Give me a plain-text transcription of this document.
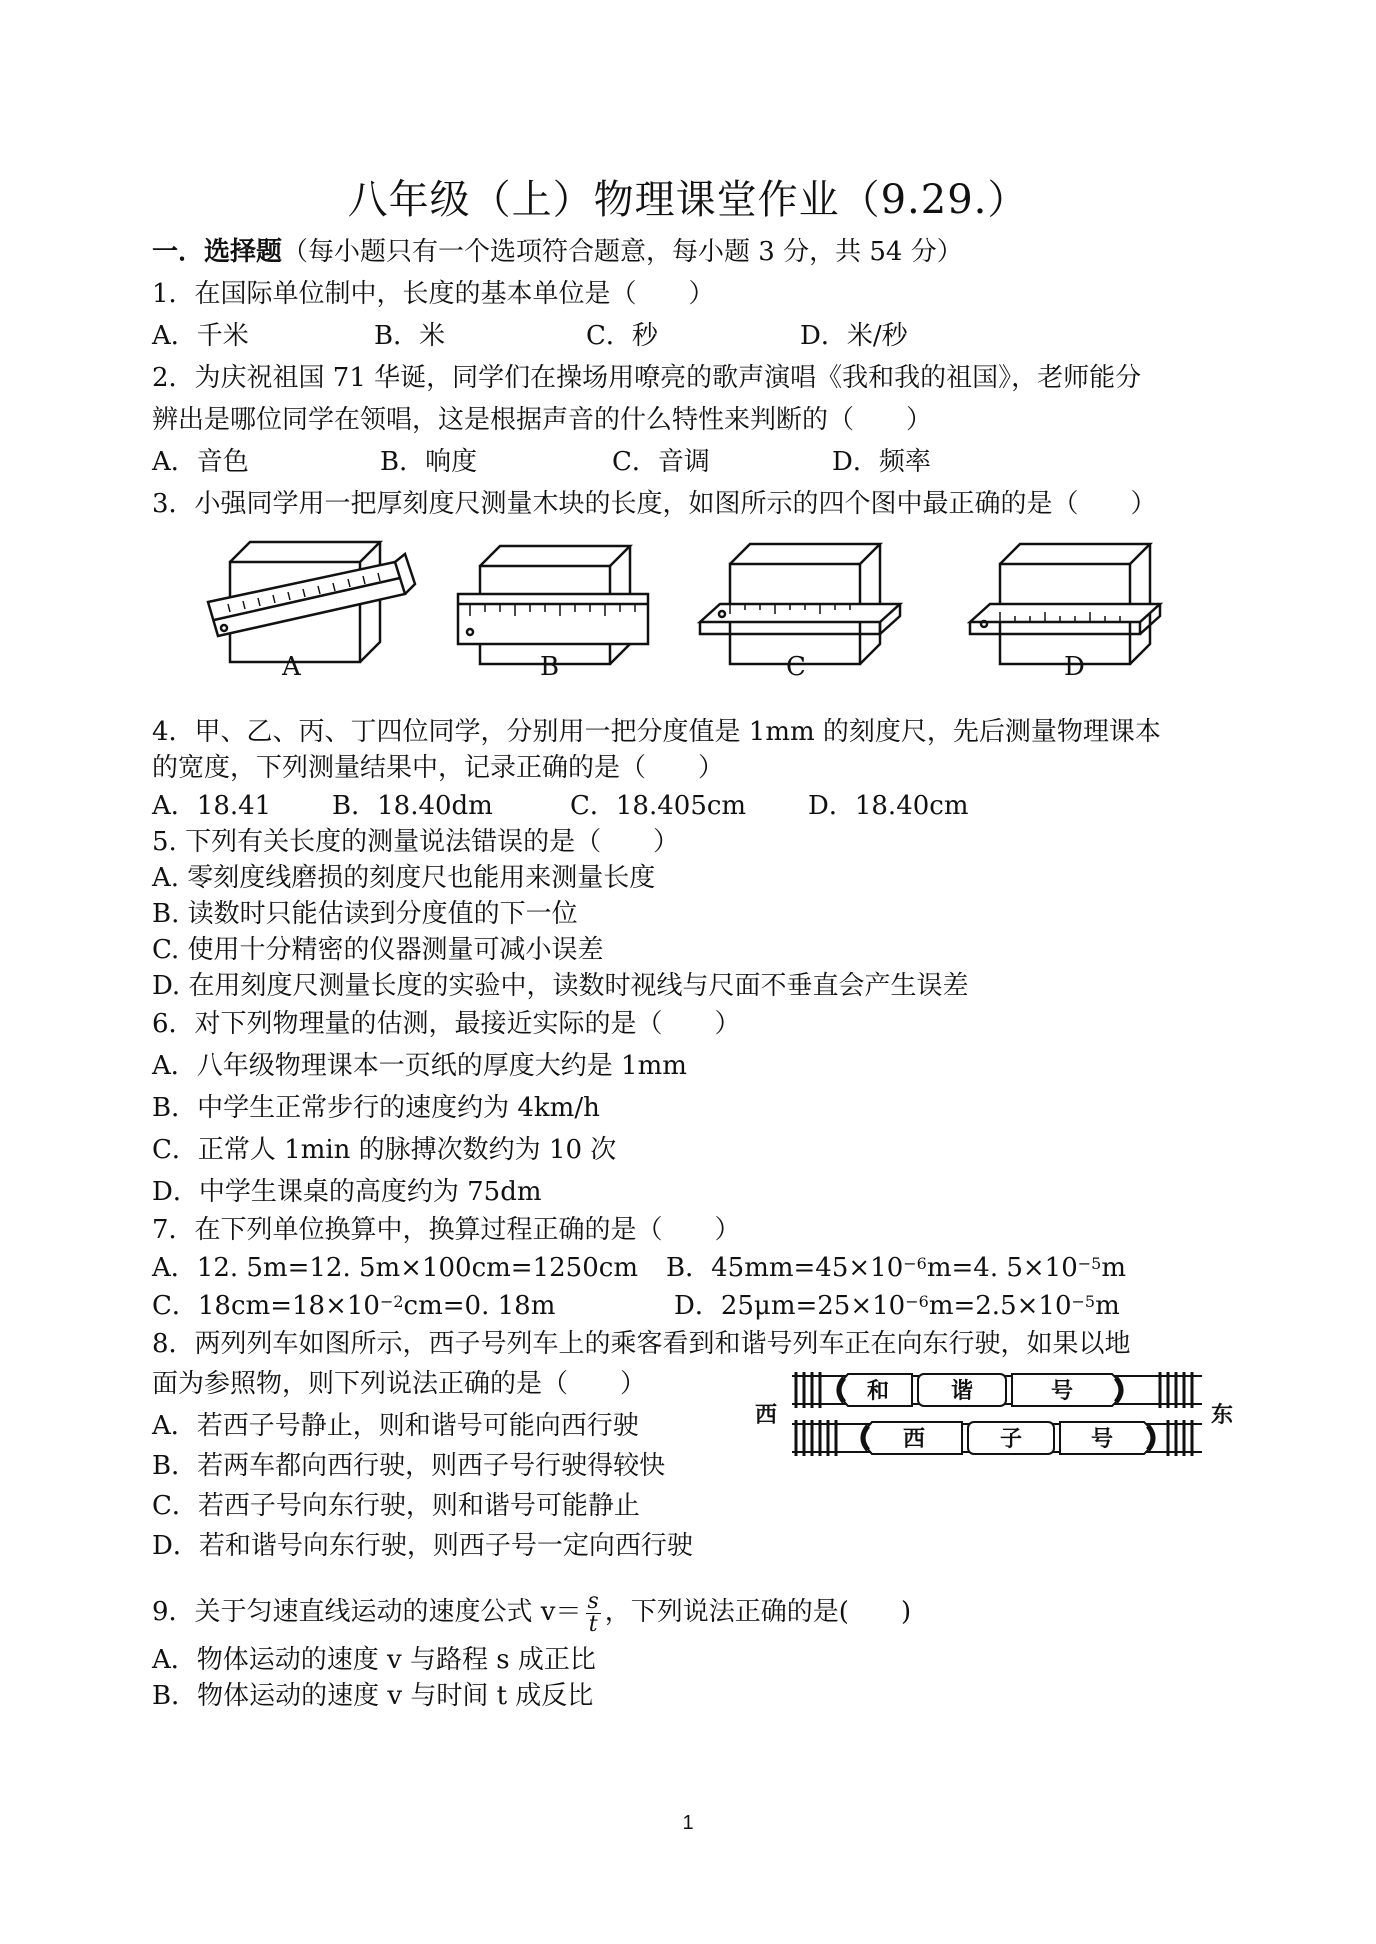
八年级（上）物理课堂作业（9.29.）
一．选择题（每小题只有一个选项符合题意，每小题 3 分，共 54 分）
1．在国际单位制中，长度的基本单位是（　　）
A．千米	B．米	C．秒	D．米/秒
2．为庆祝祖国 71 华诞，同学们在操场用嘹亮的歌声演唱《我和我的祖国》，老师能分
辨出是哪位同学在领唱，这是根据声音的什么特性来判断的（　　）
A．音色	B．响度	C．音调	D．频率
3．小强同学用一把厚刻度尺测量木块的长度，如图所示的四个图中最正确的是（　　）
A	B	C	D
4．甲、乙、丙、丁四位同学，分别用一把分度值是 1mm 的刻度尺，先后测量物理课本
的宽度，下列测量结果中，记录正确的是（　　）
A．18.41 B．18.40dm	C．18.405cm D．18.40cm
5. 下列有关长度的测量说法错误的是（　　）
A. 零刻度线磨损的刻度尺也能用来测量长度
B. 读数时只能估读到分度值的下一位
C. 使用十分精密的仪器测量可减小误差
D. 在用刻度尺测量长度的实验中，读数时视线与尺面不垂直会产生误差
6．对下列物理量的估测，最接近实际的是（　　）
A．八年级物理课本一页纸的厚度大约是 1mm
B．中学生正常步行的速度约为 4km/h
C．正常人 1min 的脉搏次数约为 10 次
D．中学生课桌的高度约为 75dm
7．在下列单位换算中，换算过程正确的是（　　）
A．12. 5m=12. 5m×100cm=1250cm B．$45mm=45\times 10^{-6}m=4$. $5\times 10^{-5}m$
C．$18cm=18\times 10^{-2}cm=0$. 18m	D．$25\mu m=25\times 10^{-6}m=2.5\times 10^{-5}m$
8．两列列车如图所示，西子号列车上的乘客看到和谐号列车正在向东行驶，如果以地
面为参照物，则下列说法正确的是（　　）
A．若西子号静止，则和谐号可能向西行驶
B．若两车都向西行驶，则西子号行驶得较快
C．若西子号向东行驶，则和谐号可能静止
D．若和谐号向东行驶，则西子号一定向西行驶
西	东
和	谐	号
西	子	号
9．关于匀速直线运动的速度公式 $v= \frac{s}{t}$ ，下列说法正确的是(　　)
A．物体运动的速度 v 与路程 s 成正比
B．物体运动的速度 v 与时间 t 成反比
1
